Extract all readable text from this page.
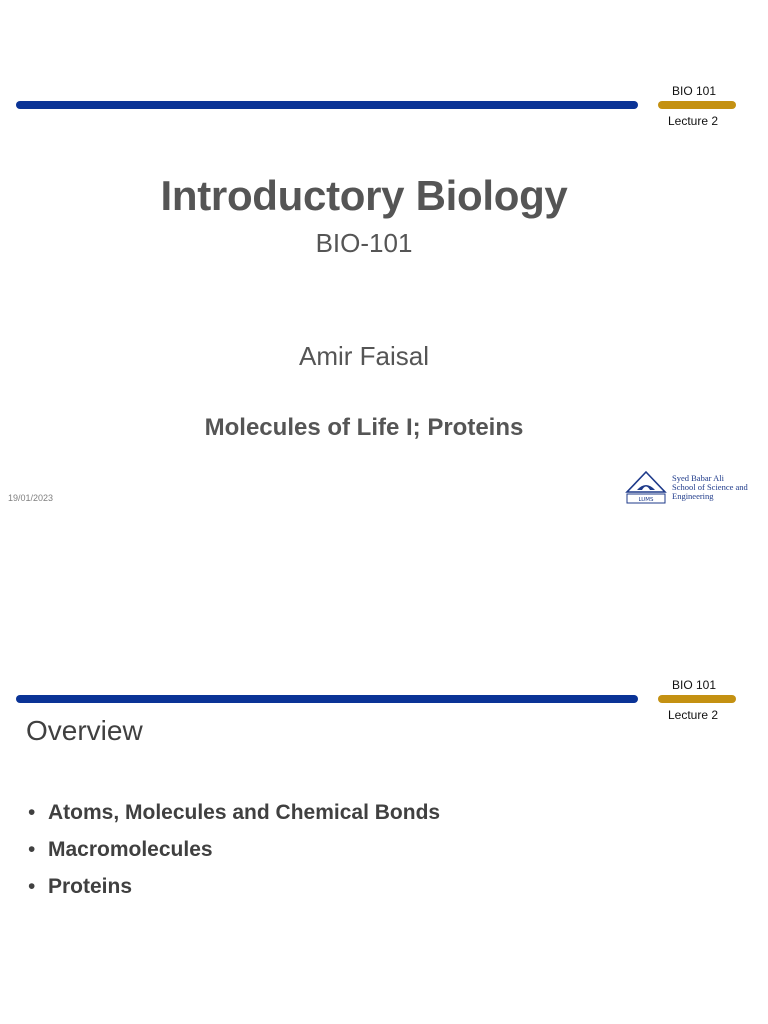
BIO 101
Lecture 2
Introductory Biology
BIO-101
Amir Faisal
Molecules of Life I; Proteins
19/01/2023	LUMS
Syed Babar Ali
School of Science and
Engineering
BIO 101
Lecture 2
Overview
• Atoms, Molecules and Chemical Bonds
• Macromolecules
• Proteins
